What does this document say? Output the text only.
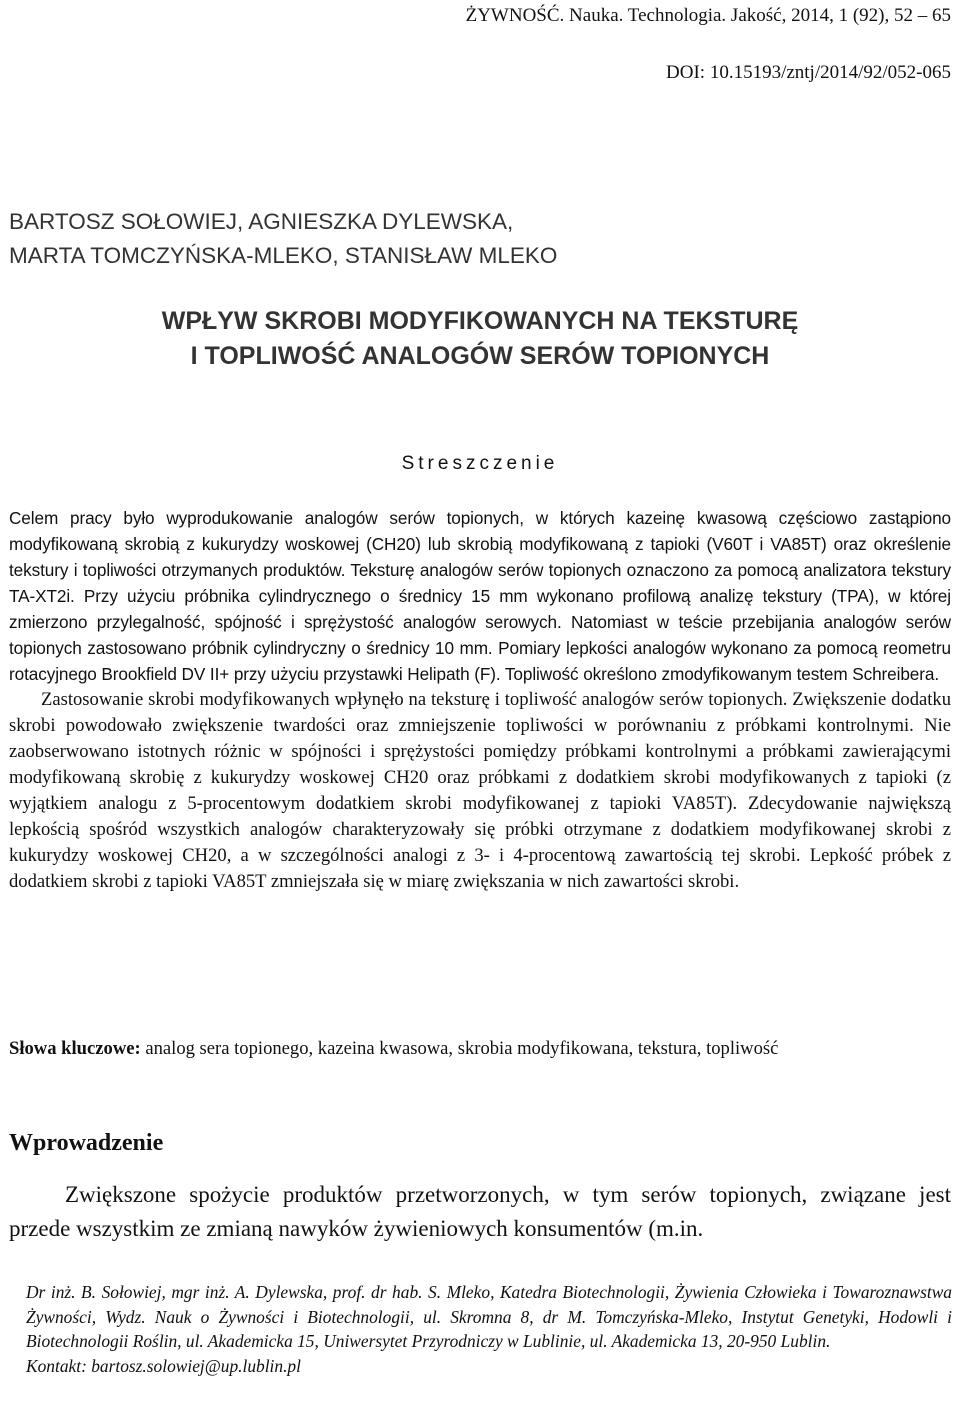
ŻYWNOŚĆ. Nauka. Technologia. Jakość, 2014, 1 (92), 52 – 65
DOI: 10.15193/zntj/2014/92/052-065
BARTOSZ SOŁOWIEJ, AGNIESZKA DYLEWSKA,
MARTA TOMCZYŃSKA-MLEKO, STANISŁAW MLEKO
WPŁYW SKROBI MODYFIKOWANYCH NA TEKSTURĘ
I TOPLIWOŚĆ ANALOGÓW SERÓW TOPIONYCH
Streszczenie

Celem pracy było wyprodukowanie analogów serów topionych, w których kazeinę kwasową częściowo zastąpiono modyfikowaną skrobią z kukurydzy woskowej (CH20) lub skrobią modyfikowaną z tapioki (V60T i VA85T) oraz określenie tekstury i topliwości otrzymanych produktów. Teksturę analogów serów topionych oznaczono za pomocą analizatora tekstury TA-XT2i. Przy użyciu próbnika cylindrycznego o średnicy 15 mm wykonano profilową analizę tekstury (TPA), w której zmierzono przylegalność, spójność i sprężystość analogów serowych. Natomiast w teście przebijania analogów serów topionych zastosowano próbnik cylindryczny o średnicy 10 mm. Pomiary lepkości analogów wykonano za pomocą reometru rotacyjnego Brookfield DV II+ przy użyciu przystawki Helipath (F). Topliwość określono zmodyfikowanym testem Schreibera.

Zastosowanie skrobi modyfikowanych wpłynęło na teksturę i topliwość analogów serów topionych. Zwiększenie dodatku skrobi powodowało zwiększenie twardości oraz zmniejszenie topliwości w porównaniu z próbkami kontrolnymi. Nie zaobserwowano istotnych różnic w spójności i sprężystości pomiędzy próbkami kontrolnymi a próbkami zawierającymi modyfikowaną skrobię z kukurydzy woskowej CH20 oraz próbkami z dodatkiem skrobi modyfikowanych z tapioki (z wyjątkiem analogu z 5-procentowym dodatkiem skrobi modyfikowanej z tapioki VA85T). Zdecydowanie największą lepkością spośród wszystkich analogów charakteryzowały się próbki otrzymane z dodatkiem modyfikowanej skrobi z kukurydzy woskowej CH20, a w szczególności analogi z 3- i 4-procentową zawartością tej skrobi. Lepkość próbek z dodatkiem skrobi z tapioki VA85T zmniejszała się w miarę zwiększania w nich zawartości skrobi.

Słowa kluczowe: analog sera topionego, kazeina kwasowa, skrobia modyfikowana, tekstura, topliwość
Wprowadzenie

Zwiększone spożycie produktów przetworzonych, w tym serów topionych, związane jest przede wszystkim ze zmianą nawyków żywieniowych konsumentów (m.in.

Dr inż. B. Sołowiej, mgr inż. A. Dylewska, prof. dr hab. S. Mleko, Katedra Biotechnologii, Żywienia Człowieka i Towaroznawstwa Żywności, Wydz. Nauk o Żywności i Biotechnologii, ul. Skromna 8, dr M. Tomczyńska-Mleko, Instytut Genetyki, Hodowli i Biotechnologii Roślin, ul. Akademicka 15, Uniwersytet Przyrodniczy w Lublinie, ul. Akademicka 13, 20-950 Lublin.

Kontakt: bartosz.solowiej@up.lublin.pl
